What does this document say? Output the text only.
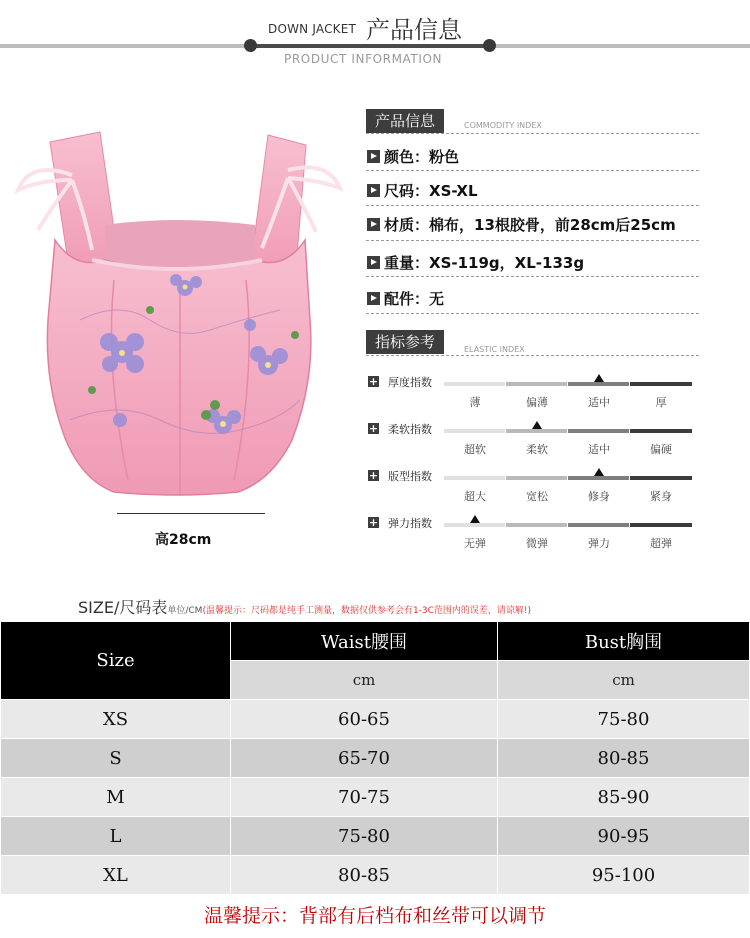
DOWN JACKET 产品信息
PRODUCT INFORMATION
高28cm
产品信息	COMMODITY INDEX
颜色：粉色
尺码：XS-XL
材质：棉布，13根胶骨，前28cm后25cm
重量：XS-119g，XL-133g
配件：无
指标参考	ELASTIC INDEX
+ 厚度指数
薄	偏薄	适中	厚
+ 柔软指数
超软	柔软	适中	偏硬
+ 版型指数
超大	宽松	修身	紧身
+ 弹力指数
无弹	微弹	弹力	超弹
SIZE/尺码表单位/CM(温馨提示：尺码都是纯手工测量，数据仅供参考会有1-3C范围内的误差，请谅解!)
Size	Waist腰围	Bust胸围
	cm	cm
XS	60-65	75-80
S	65-70	80-85
M	70-75	85-90
L	75-80	90-95
XL	80-85	95-100
温馨提示：背部有后档布和丝带可以调节
